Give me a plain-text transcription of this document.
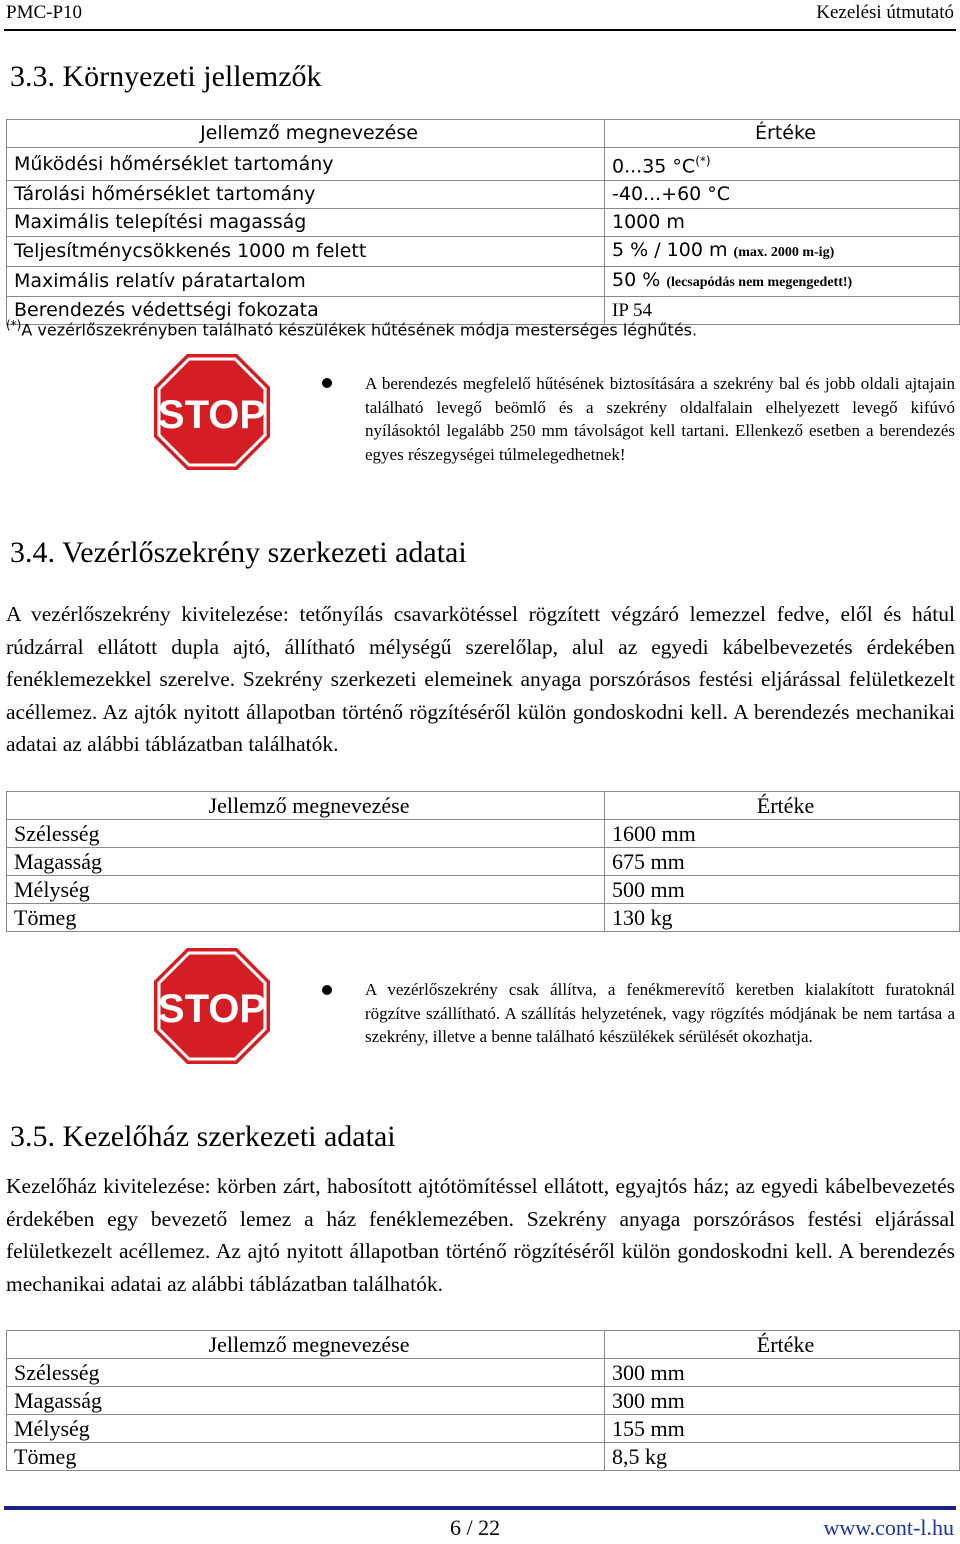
PMC-P10	Kezelési útmutató
3.3. Környezeti jellemzők
Jellemző megnevezése	Értéke
Működési hőmérséklet tartomány	0...35 °C(*)
Tárolási hőmérséklet tartomány	-40...+60 °C
Maximális telepítési magasság	1000 m
Teljesítménycsökkenés 1000 m felett	5 % / 100 m (max. 2000 m-ig)
Maximális relatív páratartalom	50 % (lecsapódás nem megengedett!)
Berendezés védettségi fokozata	IP 54
(*)A vezérlőszekrényben található készülékek hűtésének módja mesterséges léghűtés.
STOP
A berendezés megfelelő hűtésének biztosítására a szekrény bal és jobb oldali ajtajain található levegő beömlő és a szekrény oldalfalain elhelyezett levegő kifúvó nyílásoktól legalább 250 mm távolságot kell tartani. Ellenkező esetben a berendezés egyes részegységei túlmelegedhetnek!
3.4. Vezérlőszekrény szerkezeti adatai
A vezérlőszekrény kivitelezése: tetőnyílás csavarkötéssel rögzített végzáró lemezzel fedve, elől és hátul rúdzárral ellátott dupla ajtó, állítható mélységű szerelőlap, alul az egyedi kábelbevezetés érdekében fenéklemezekkel szerelve. Szekrény szerkezeti elemeinek anyaga porszórásos festési eljárással felületkezelt acéllemez. Az ajtók nyitott állapotban történő rögzítéséről külön gondoskodni kell. A berendezés mechanikai adatai az alábbi táblázatban találhatók.
Jellemző megnevezése	Értéke
Szélesség	1600 mm
Magasság	675 mm
Mélység	500 mm
Tömeg	130 kg
STOP	A vezérlőszekrény csak állítva, a fenékmerevítő keretben kialakított furatoknál rögzítve szállítható. A szállítás helyzetének, vagy rögzítés módjának be nem tartása a szekrény, illetve a benne található készülékek sérülését okozhatja.
3.5. Kezelőház szerkezeti adatai
Kezelőház kivitelezése: körben zárt, habosított ajtótömítéssel ellátott, egyajtós ház; az egyedi kábelbevezetés érdekében egy bevezető lemez a ház fenéklemezében. Szekrény anyaga porszórásos festési eljárással felületkezelt acéllemez. Az ajtó nyitott állapotban történő rögzítéséről külön gondoskodni kell. A berendezés mechanikai adatai az alábbi táblázatban találhatók.
Jellemző megnevezése	Értéke
Szélesség	300 mm
Magasság	300 mm
Mélység	155 mm
Tömeg	8,5 kg
6 / 22	www.cont-l.hu
